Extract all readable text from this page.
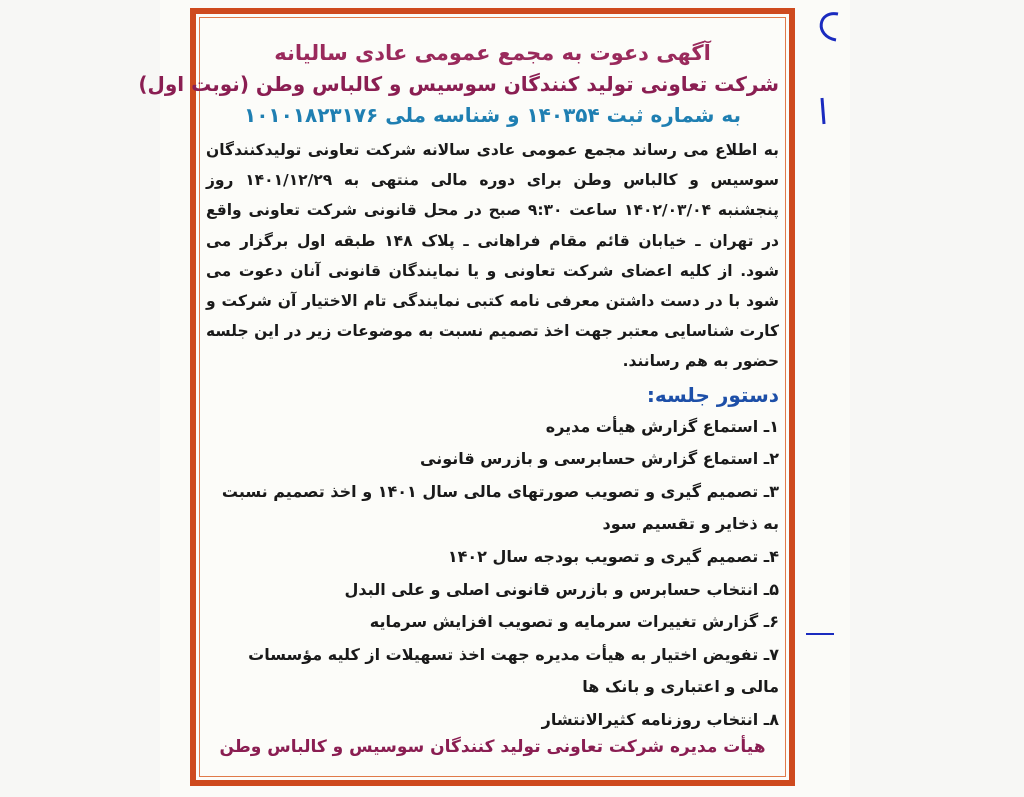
آگهی دعوت به مجمع عمومی عادی سالیانه
شرکت تعاونی تولید کنندگان سوسیس و کالباس وطن (نوبت اول)
به شماره ثبت ۱۴۰۳۵۴ و شناسه ملی ۱۰۱۰۱۸۲۳۱۷۶

به اطلاع می رساند مجمع عمومی عادی سالانه شرکت تعاونی تولیدکنندگان سوسیس و کالباس وطن برای دوره مالی منتهی به ۱۴۰۱/۱۲/۲۹ روز پنجشنبه ۱۴۰۲/۰۳/۰۴ ساعت ۹:۳۰ صبح در محل قانونی شرکت تعاونی واقع در تهران ـ خیابان قائم مقام فراهانی ـ پلاک ۱۴۸ طبقه اول برگزار می شود. از کلیه اعضای شرکت تعاونی و یا نمایندگان قانونی آنان دعوت می شود با در دست داشتن معرفی نامه کتبی نمایندگی تام الاختیار آن شرکت و کارت شناسایی معتبر جهت اخذ تصمیم نسبت به موضوعات زیر در این جلسه حضور به هم رسانند.

دستور جلسه:
۱ـ استماع گزارش هیأت مدیره
۲ـ استماع گزارش حسابرسی و بازرس قانونی
۳ـ تصمیم گیری و تصویب صورتهای مالی سال ۱۴۰۱ و اخذ تصمیم نسبت به ذخایر و تقسیم سود
۴ـ تصمیم گیری و تصویب بودجه سال ۱۴۰۲
۵ـ انتخاب حسابرس و بازرس قانونی اصلی و علی البدل
۶ـ گزارش تغییرات سرمایه و تصویب افزایش سرمایه
۷ـ تفویض اختیار به هیأت مدیره جهت اخذ تسهیلات از کلیه مؤسسات مالی و اعتباری و بانک ها
۸ـ انتخاب روزنامه کثیرالانتشار
هیأت مدیره شرکت تعاونی تولید کنندگان سوسیس و کالباس وطن
